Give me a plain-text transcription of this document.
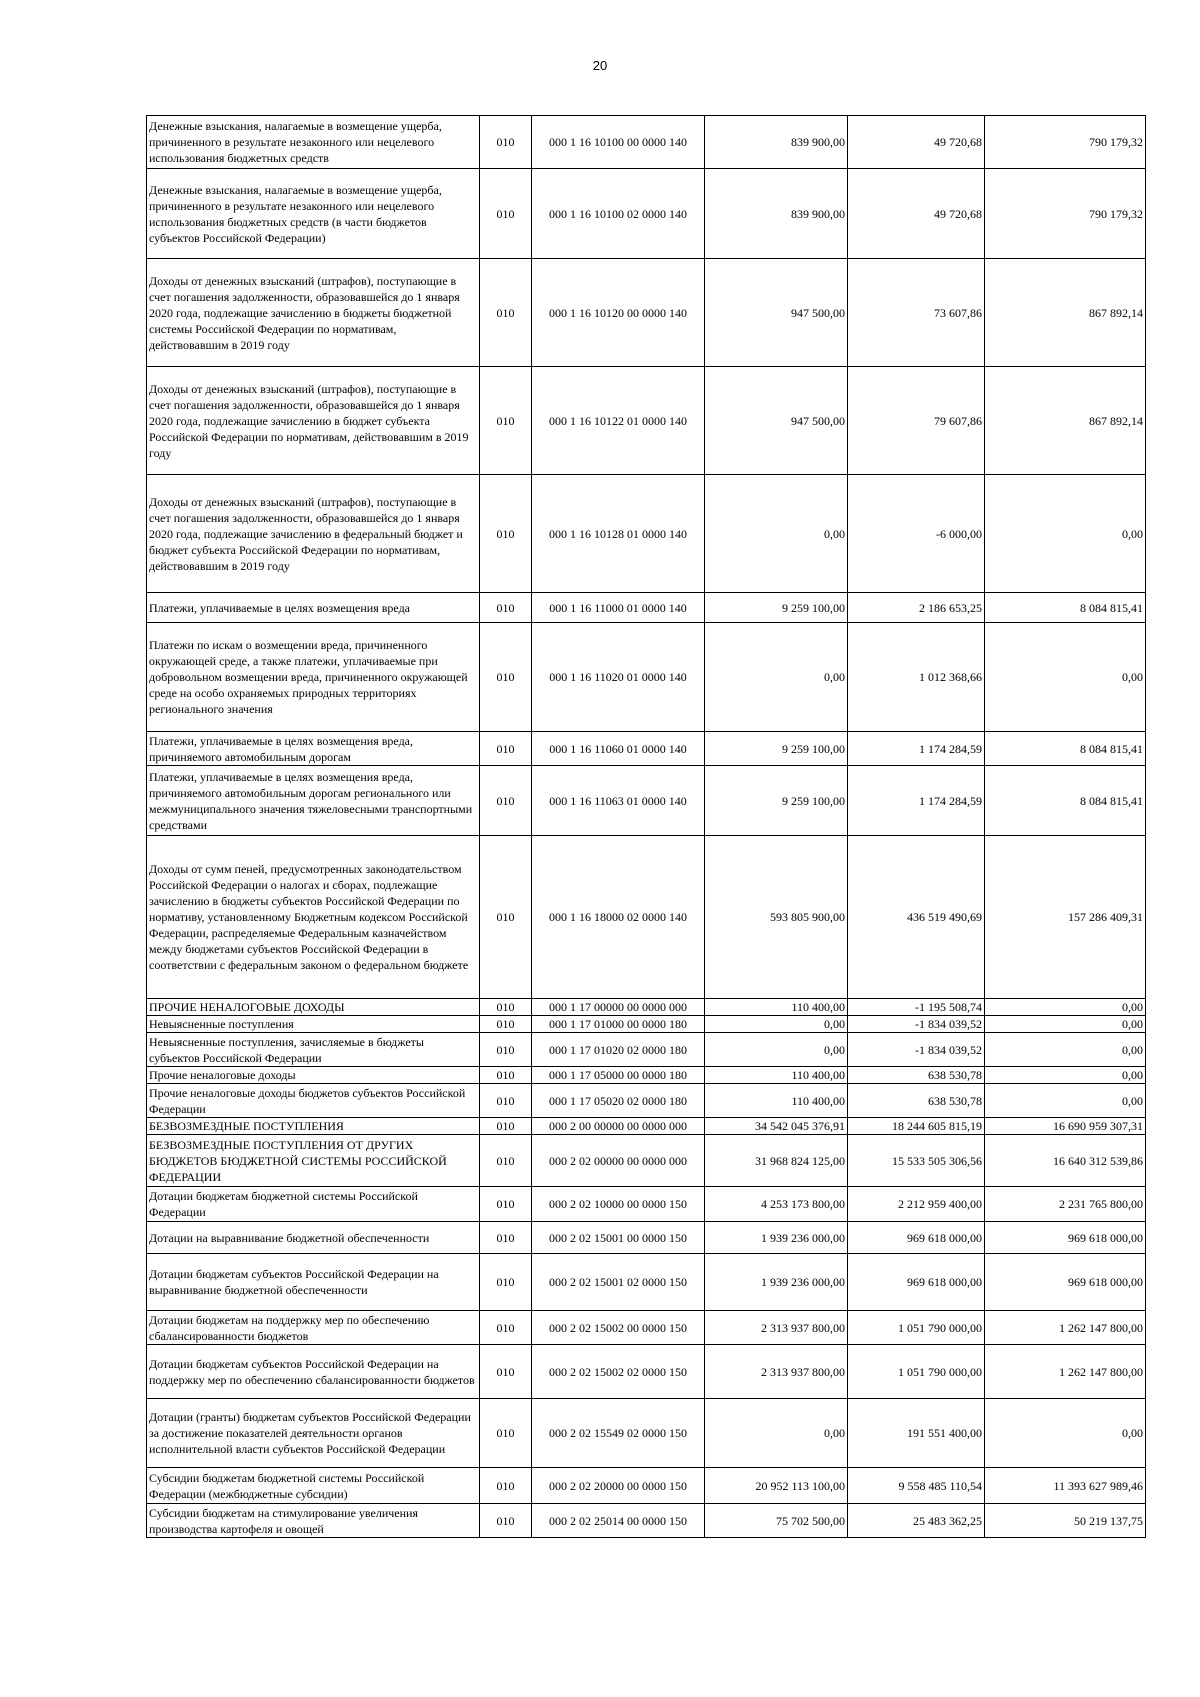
20
Денежные взыскания, налагаемые в возмещение ущерба, причиненного в результате незаконного или нецелевого использования бюджетных средств	010	000 1 16 10100 00 0000 140	839 900,00	49 720,68	790 179,32
Денежные взыскания, налагаемые в возмещение ущерба, причиненного в результате незаконного или нецелевого использования бюджетных средств (в части бюджетов субъектов Российской Федерации)	010	000 1 16 10100 02 0000 140	839 900,00	49 720,68	790 179,32
Доходы от денежных взысканий (штрафов), поступающие в счет погашения задолженности, образовавшейся до 1 января 2020 года, подлежащие зачислению в бюджеты бюджетной системы Российской Федерации по нормативам, действовавшим в 2019 году	010	000 1 16 10120 00 0000 140	947 500,00	73 607,86	867 892,14
Доходы от денежных взысканий (штрафов), поступающие в счет погашения задолженности, образовавшейся до 1 января 2020 года, подлежащие зачислению в бюджет субъекта Российской Федерации по нормативам, действовавшим в 2019 году	010	000 1 16 10122 01 0000 140	947 500,00	79 607,86	867 892,14
Доходы от денежных взысканий (штрафов), поступающие в счет погашения задолженности, образовавшейся до 1 января 2020 года, подлежащие зачислению в федеральный бюджет и бюджет субъекта Российской Федерации по нормативам, действовавшим в 2019 году	010	000 1 16 10128 01 0000 140	0,00	-6 000,00	0,00
Платежи, уплачиваемые в целях возмещения вреда	010	000 1 16 11000 01 0000 140	9 259 100,00	2 186 653,25	8 084 815,41
Платежи по искам о возмещении вреда, причиненного окружающей среде, а также платежи, уплачиваемые при добровольном возмещении вреда, причиненного окружающей среде на особо охраняемых природных территориях регионального значения	010	000 1 16 11020 01 0000 140	0,00	1 012 368,66	0,00
Платежи, уплачиваемые в целях возмещения вреда, причиняемого автомобильным дорогам	010	000 1 16 11060 01 0000 140	9 259 100,00	1 174 284,59	8 084 815,41
Платежи, уплачиваемые в целях возмещения вреда, причиняемого автомобильным дорогам регионального или межмуниципального значения тяжеловесными транспортными средствами	010	000 1 16 11063 01 0000 140	9 259 100,00	1 174 284,59	8 084 815,41
Доходы от сумм пеней, предусмотренных законодательством Российской Федерации о налогах и сборах, подлежащие зачислению в бюджеты субъектов Российской Федерации по нормативу, установленному Бюджетным кодексом Российской Федерации, распределяемые Федеральным казначейством между бюджетами субъектов Российской Федерации в соответствии с федеральным законом о федеральном бюджете	010	000 1 16 18000 02 0000 140	593 805 900,00	436 519 490,69	157 286 409,31
ПРОЧИЕ НЕНАЛОГОВЫЕ ДОХОДЫ	010	000 1 17 00000 00 0000 000	110 400,00	-1 195 508,74	0,00
Невыясненные поступления	010	000 1 17 01000 00 0000 180	0,00	-1 834 039,52	0,00
Невыясненные поступления, зачисляемые в бюджеты субъектов Российской Федерации	010	000 1 17 01020 02 0000 180	0,00	-1 834 039,52	0,00
Прочие неналоговые доходы	010	000 1 17 05000 00 0000 180	110 400,00	638 530,78	0,00
Прочие неналоговые доходы бюджетов субъектов Российской Федерации	010	000 1 17 05020 02 0000 180	110 400,00	638 530,78	0,00
БЕЗВОЗМЕЗДНЫЕ ПОСТУПЛЕНИЯ	010	000 2 00 00000 00 0000 000	34 542 045 376,91	18 244 605 815,19	16 690 959 307,31
БЕЗВОЗМЕЗДНЫЕ ПОСТУПЛЕНИЯ ОТ ДРУГИХ БЮДЖЕТОВ БЮДЖЕТНОЙ СИСТЕМЫ РОССИЙСКОЙ ФЕДЕРАЦИИ	010	000 2 02 00000 00 0000 000	31 968 824 125,00	15 533 505 306,56	16 640 312 539,86
Дотации бюджетам бюджетной системы Российской Федерации	010	000 2 02 10000 00 0000 150	4 253 173 800,00	2 212 959 400,00	2 231 765 800,00
Дотации на выравнивание бюджетной обеспеченности	010	000 2 02 15001 00 0000 150	1 939 236 000,00	969 618 000,00	969 618 000,00
Дотации бюджетам субъектов Российской Федерации на выравнивание бюджетной обеспеченности	010	000 2 02 15001 02 0000 150	1 939 236 000,00	969 618 000,00	969 618 000,00
Дотации бюджетам на поддержку мер по обеспечению сбалансированности бюджетов	010	000 2 02 15002 00 0000 150	2 313 937 800,00	1 051 790 000,00	1 262 147 800,00
Дотации бюджетам субъектов Российской Федерации на поддержку мер по обеспечению сбалансированности бюджетов	010	000 2 02 15002 02 0000 150	2 313 937 800,00	1 051 790 000,00	1 262 147 800,00
Дотации (гранты) бюджетам субъектов Российской Федерации за достижение показателей деятельности органов исполнительной власти субъектов Российской Федерации	010	000 2 02 15549 02 0000 150	0,00	191 551 400,00	0,00
Субсидии бюджетам бюджетной системы Российской Федерации (межбюджетные субсидии)	010	000 2 02 20000 00 0000 150	20 952 113 100,00	9 558 485 110,54	11 393 627 989,46
Субсидии бюджетам на стимулирование увеличения производства картофеля и овощей	010	000 2 02 25014 00 0000 150	75 702 500,00	25 483 362,25	50 219 137,75
